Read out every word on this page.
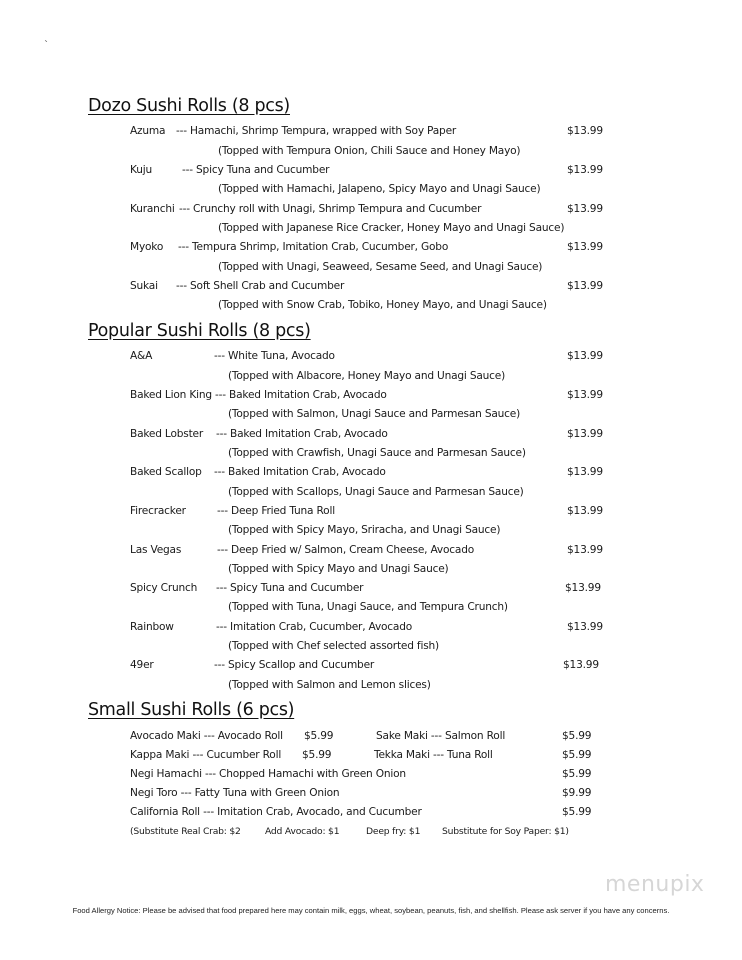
`
Dozo Sushi Rolls (8 pcs)
Azuma --- Hamachi, Shrimp Tempura, wrapped with Soy Paper	$13.99
(Topped with Tempura Onion, Chili Sauce and Honey Mayo)
Kuju	--- Spicy Tuna and Cucumber	$13.99
(Topped with Hamachi, Jalapeno, Spicy Mayo and Unagi Sauce)
Kuranchi --- Crunchy roll with Unagi, Shrimp Tempura and Cucumber	$13.99
(Topped with Japanese Rice Cracker, Honey Mayo and Unagi Sauce)
Myoko --- Tempura Shrimp, Imitation Crab, Cucumber, Gobo	$13.99
(Topped with Unagi, Seaweed, Sesame Seed, and Unagi Sauce)
Sukai --- Soft Shell Crab and Cucumber	$13.99
(Topped with Snow Crab, Tobiko, Honey Mayo, and Unagi Sauce)
Popular Sushi Rolls (8 pcs)
A&A	--- White Tuna, Avocado	$13.99
(Topped with Albacore, Honey Mayo and Unagi Sauce)
Baked Lion King --- Baked Imitation Crab, Avocado	$13.99
(Topped with Salmon, Unagi Sauce and Parmesan Sauce)
Baked Lobster --- Baked Imitation Crab, Avocado	$13.99
(Topped with Crawfish, Unagi Sauce and Parmesan Sauce)
Baked Scallop --- Baked Imitation Crab, Avocado	$13.99
(Topped with Scallops, Unagi Sauce and Parmesan Sauce)
Firecracker	--- Deep Fried Tuna Roll	$13.99
(Topped with Spicy Mayo, Sriracha, and Unagi Sauce)
Las Vegas	--- Deep Fried w/ Salmon, Cream Cheese, Avocado	$13.99
(Topped with Spicy Mayo and Unagi Sauce)
Spicy Crunch --- Spicy Tuna and Cucumber	$13.99
(Topped with Tuna, Unagi Sauce, and Tempura Crunch)
Rainbow	--- Imitation Crab, Cucumber, Avocado	$13.99
(Topped with Chef selected assorted fish)
49er	--- Spicy Scallop and Cucumber	$13.99
(Topped with Salmon and Lemon slices)
Small Sushi Rolls (6 pcs)
Avocado Maki --- Avocado Roll $5.99	Sake Maki --- Salmon Roll	$5.99
Kappa Maki --- Cucumber Roll $5.99	Tekka Maki --- Tuna Roll	$5.99
Negi Hamachi --- Chopped Hamachi with Green Onion	$5.99
Negi Toro --- Fatty Tuna with Green Onion	$9.99
California Roll --- Imitation Crab, Avocado, and Cucumber	$5.99
(Substitute Real Crab: $2	Add Avocado: $1	Deep fry: $1 Substitute for Soy Paper: $1)
menupix
Food Allergy Notice: Please be advised that food prepared here may contain milk, eggs, wheat, soybean, peanuts, fish, and shellfish. Please ask server if you have any concerns.
